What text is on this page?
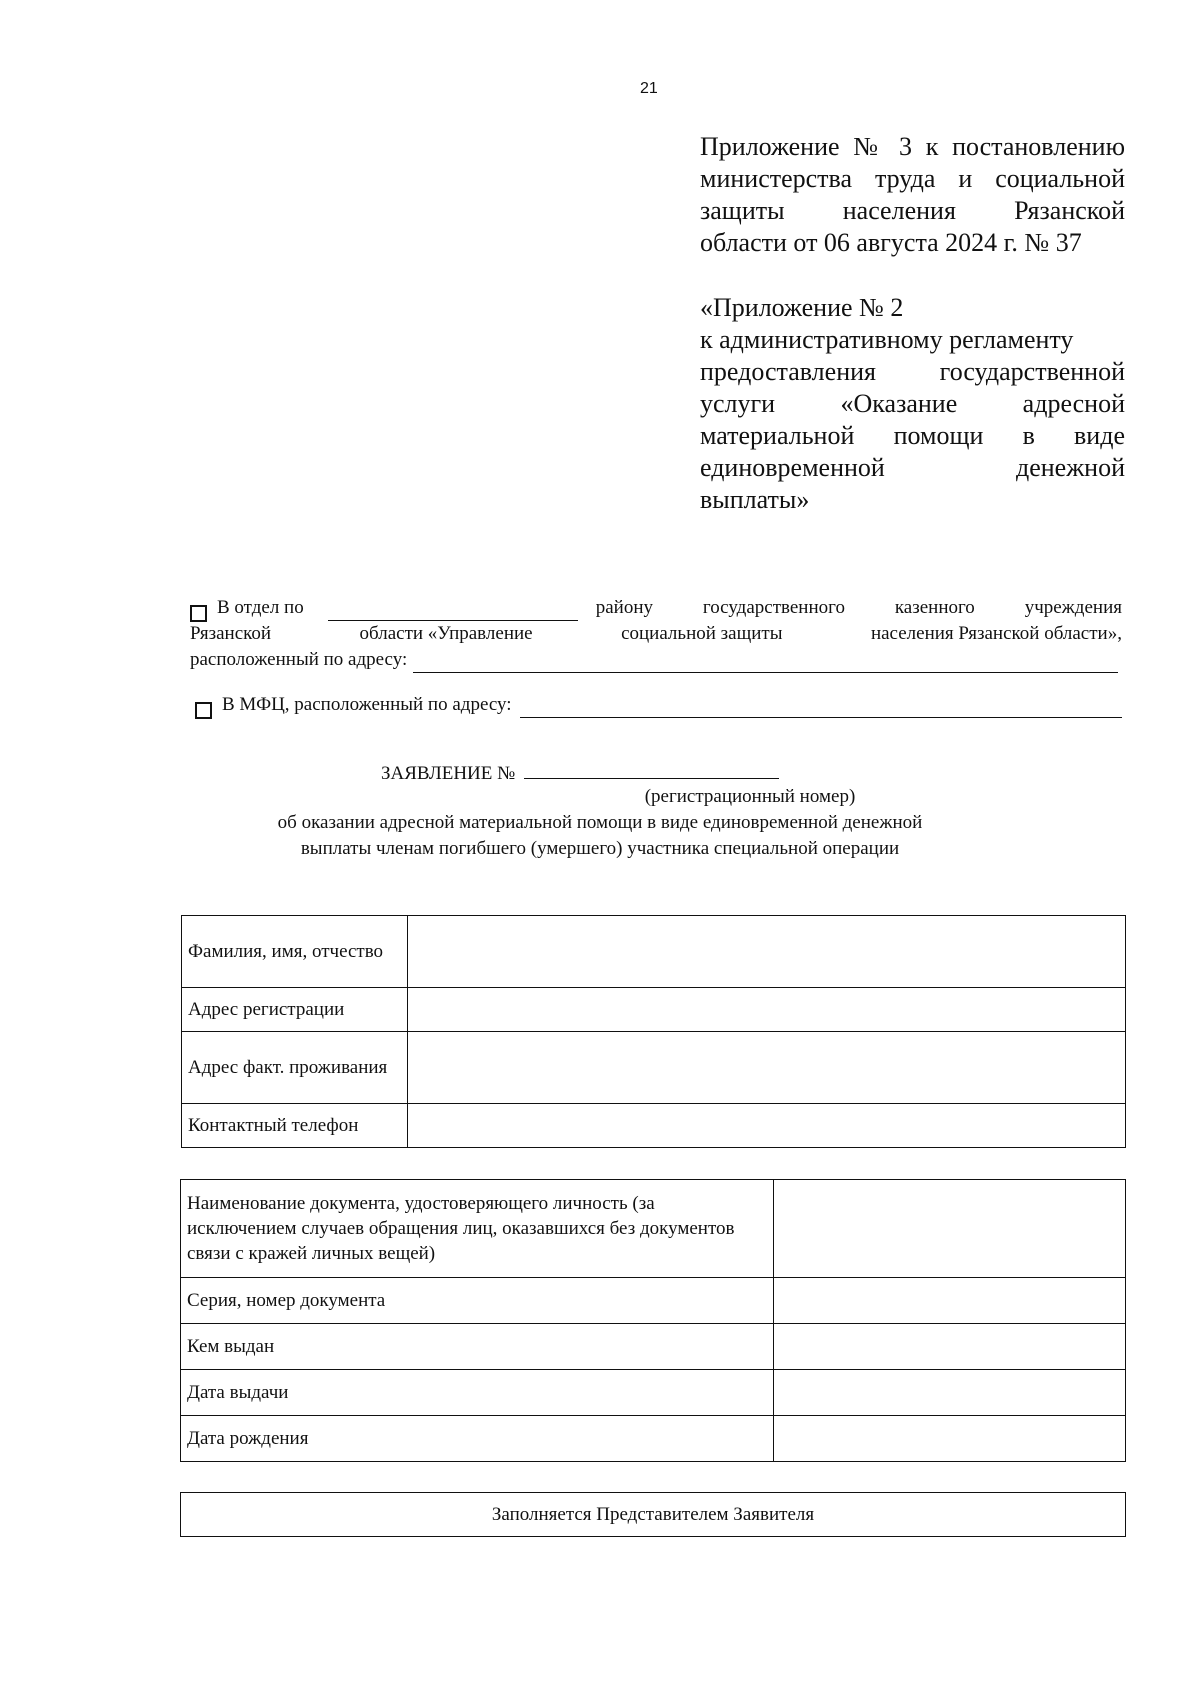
21
Приложение № 3 к постановлению
министерства труда и социальной
защиты населения Рязанской
области от 06 августа 2024 г. № 37
«Приложение № 2
к административному регламенту
предоставления государственной
услуги «Оказание адресной
материальной помощи в виде
единовременной денежной
выплаты»
В отдел по	району государственного казенного учреждения
Рязанской	области «Управление	социальной защиты	населения Рязанской области»,
расположенный по адресу:
В МФЦ, расположенный по адресу:
ЗАЯВЛЕНИЕ №
(регистрационный номер)
об оказании адресной материальной помощи в виде единовременной денежной
выплаты членам погибшего (умершего) участника специальной операции
Фамилия, имя, отчество	
Адрес регистрации	
Адрес факт. проживания	
Контактный телефон	
Наименование документа, удостоверяющего личность (за исключением случаев обращения лиц, оказавшихся без документов связи с кражей личных вещей)	
Серия, номер документа	
Кем выдан	
Дата выдачи	
Дата рождения	
Заполняется Представителем Заявителя
